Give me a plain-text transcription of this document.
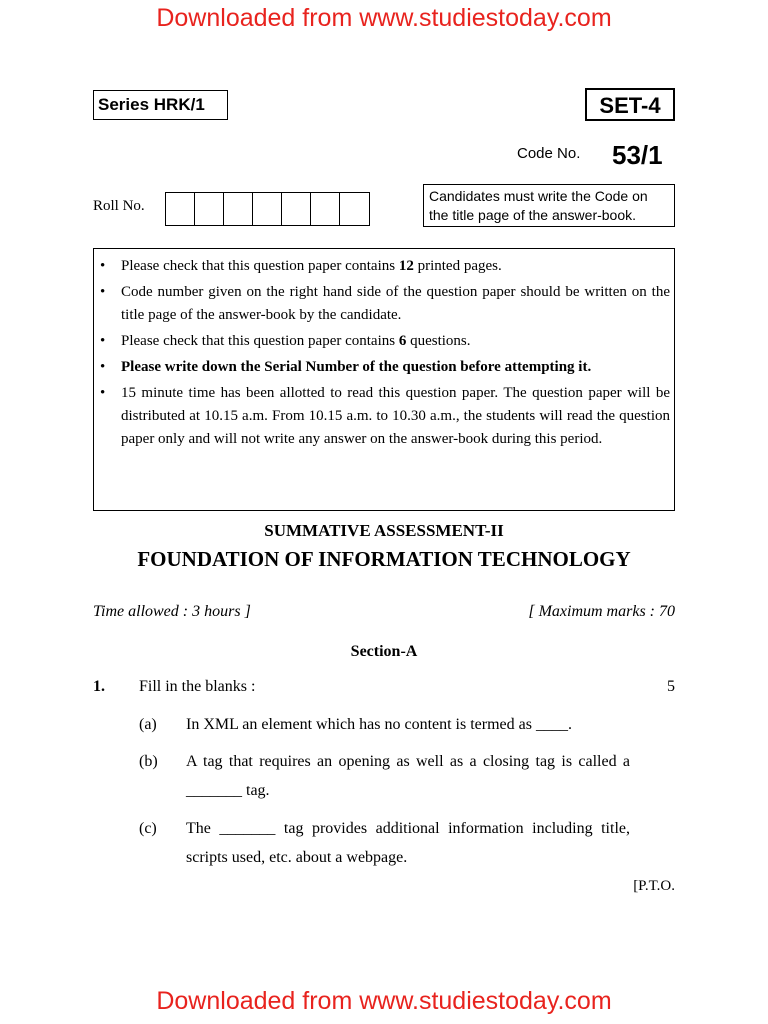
Downloaded from www.studiestoday.com
Series HRK/1	SET-4
Code No. 53/1
Roll No.
Candidates must write the Code on the title page of the answer-book.
•	Please check that this question paper contains 12 printed pages.
•	Code number given on the right hand side of the question paper should be written on the title page of the answer-book by the candidate.
•	Please check that this question paper contains 6 questions.
•	Please write down the Serial Number of the question before attempting it.
•	15 minute time has been allotted to read this question paper. The question paper will be distributed at 10.15 a.m. From 10.15 a.m. to 10.30 a.m., the students will read the question paper only and will not write any answer on the answer-book during this period.
SUMMATIVE ASSESSMENT-II
FOUNDATION OF INFORMATION TECHNOLOGY
Time allowed : 3 hours ]	[ Maximum marks : 70
Section-A
1. Fill in the blanks :	5
(a) In XML an element which has no content is termed as ____.
(b) A tag that requires an opening as well as a closing tag is called a _______ tag.
(c) The _______ tag provides additional information including title, scripts used, etc. about a webpage.
[P.T.O.
Downloaded from www.studiestoday.com
